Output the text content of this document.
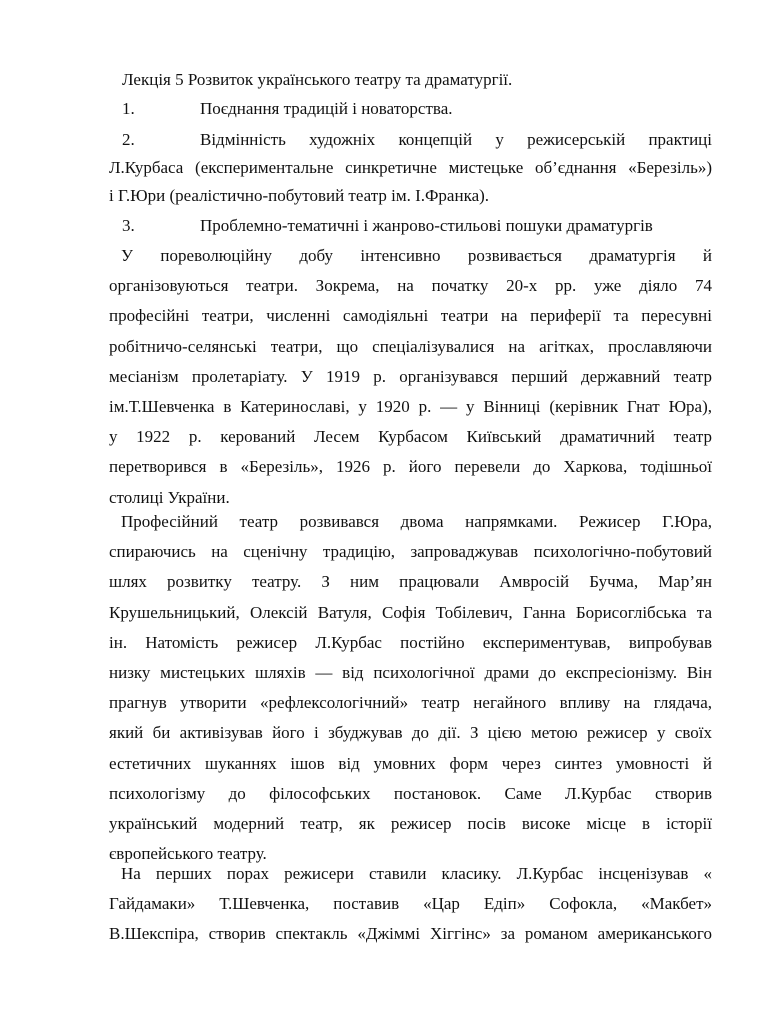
Лекція 5 Розвиток українського театру та драматургії.
1.	Поєднання традицій і новаторства.
2.	Відмінність художніх концепцій у режисерській практиці
Л.Курбаса (експериментальне синкретичне мистецьке об’єднання «Березіль»)
і Г.Юри (реалістично-побутовий театр ім. І.Франка).
3.	Проблемно-тематичні і жанрово-стильові пошуки драматургів
У пореволюційну добу інтенсивно розвивається драматургія й
організовуються театри. Зокрема, на початку 20-х рр. уже діяло 74
професійні театри, численні самодіяльні театри на периферії та пересувні
робітничо-селянські театри, що спеціалізувалися на агітках, прославляючи
месіанізм пролетаріату. У 1919 р. організувався перший державний театр
ім.Т.Шевченка в Катеринославі, у 1920 р. — у Вінниці (керівник Гнат Юра),
у 1922 р. керований Лесем Курбасом Київський драматичний театр
перетворився в «Березіль», 1926 р. його перевели до Харкова, тодішньої
столиці України.
Професійний театр розвивався двома напрямками. Режисер Г.Юра,
спираючись на сценічну традицію, запроваджував психологічно-побутовий
шлях розвитку театру. З ним працювали Амвросій Бучма, Мар’ян
Крушельницький, Олексій Ватуля, Софія Тобілевич, Ганна Борисоглібська та
ін. Натомість режисер Л.Курбас постійно експериментував, випробував
низку мистецьких шляхів — від психологічної драми до експресіонізму. Він
прагнув утворити «рефлексологічний» театр негайного впливу на глядача,
який би активізував його і збуджував до дії. З цією метою режисер у своїх
естетичних шуканнях ішов від умовних форм через синтез умовності й
психологізму до філософських постановок. Саме Л.Курбас створив
український модерний театр, як режисер посів високе місце в історії
європейського театру.
На перших порах режисери ставили класику. Л.Курбас інсценізував «
Гайдамаки» Т.Шевченка, поставив «Цар Едіп» Софокла, «Макбет»
В.Шекспіра, створив спектакль «Джіммі Хіггінс» за романом американського
